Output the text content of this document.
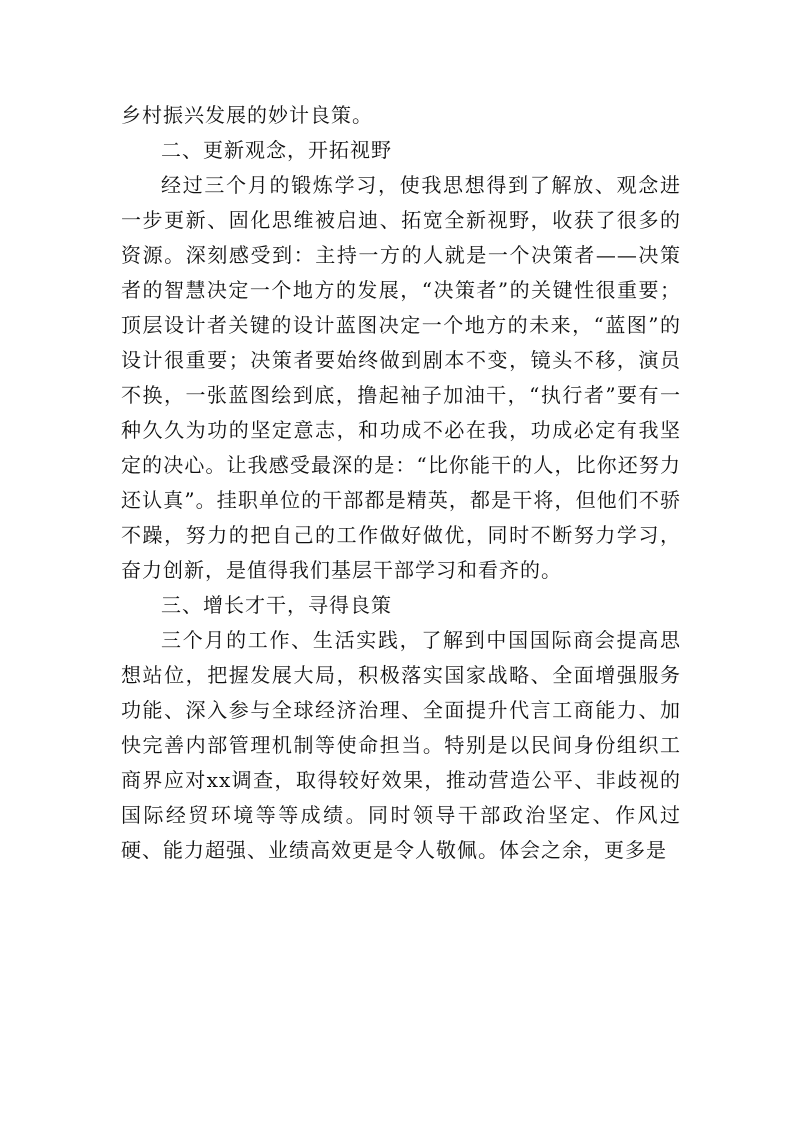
乡村振兴发展的妙计良策。

二、更新观念，开拓视野

经过三个月的锻炼学习，使我思想得到了解放、观念进一步更新、固化思维被启迪、拓宽全新视野，收获了很多的资源。深刻感受到：主持一方的人就是一个决策者——决策者的智慧决定一个地方的发展，“决策者”的关键性很重要；顶层设计者关键的设计蓝图决定一个地方的未来，“蓝图”的设计很重要；决策者要始终做到剧本不变，镜头不移，演员不换，一张蓝图绘到底，撸起袖子加油干，“执行者”要有一种久久为功的坚定意志，和功成不必在我，功成必定有我坚定的决心。让我感受最深的是：“比你能干的人，比你还努力还认真”。挂职单位的干部都是精英，都是干将，但他们不骄不躁，努力的把自己的工作做好做优，同时不断努力学习，奋力创新，是值得我们基层干部学习和看齐的。

三、增长才干，寻得良策

三个月的工作、生活实践，了解到中国国际商会提高思想站位，把握发展大局，积极落实国家战略、全面增强服务功能、深入参与全球经济治理、全面提升代言工商能力、加快完善内部管理机制等使命担当。特别是以民间身份组织工商界应对xx调查，取得较好效果，推动营造公平、非歧视的国际经贸环境等等成绩。同时领导干部政治坚定、作风过硬、能力超强、业绩高效更是令人敬佩。体会之余，更多是
